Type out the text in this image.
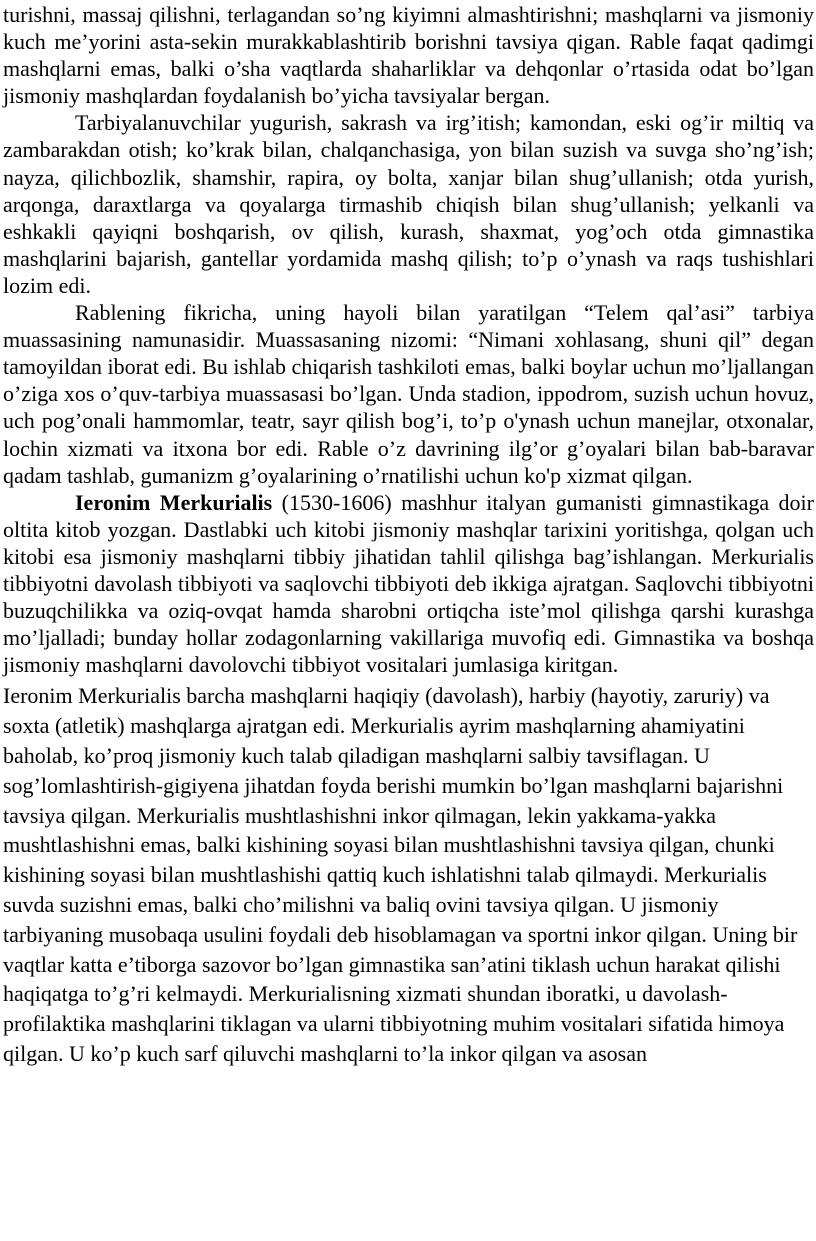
turishni, massaj qilishni, terlagandan so’ng kiyimni almashtirishni; mashqlarni va jismoniy kuch me’yorini asta-sekin murakkablashtirib borishni tavsiya qigan. Rable faqat qadimgi mashqlarni emas, balki o’sha vaqtlarda shaharliklar va dehqonlar o’rtasida odat bo’lgan jismoniy mashqlardan foydalanish bo’yicha tavsiyalar bergan.

Tarbiyalanuvchilar yugurish, sakrash va irg’itish; kamondan, eski og’ir miltiq va zambarakdan otish; ko’krak bilan, chalqanchasiga, yon bilan suzish va suvga sho’ng’ish; nayza, qilichbozlik, shamshir, rapira, oy bolta, xanjar bilan shug’ullanish; otda yurish, arqonga, daraxtlarga va qoyalarga tirmashib chiqish bilan shug’ullanish; yelkanli va eshkakli qayiqni boshqarish, ov qilish, kurash, shaxmat, yog’och otda gimnastika mashqlarini bajarish, gantellar yordamida mashq qilish; to’p o’ynash va raqs tushishlari lozim edi.

Rablening fikricha, uning hayoli bilan yaratilgan “Telem qal’asi” tarbiya muassasining namunasidir. Muassasaning nizomi: “Nimani xohlasang, shuni qil” degan tamoyildan iborat edi. Bu ishlab chiqarish tashkiloti emas, balki boylar uchun mo’ljallangan o’ziga xos o’quv-tarbiya muassasasi bo’lgan. Unda stadion, ippodrom, suzish uchun hovuz, uch pog’onali hammomlar, teatr, sayr qilish bog’i, to’p o'ynash uchun manejlar, otxonalar, lochin xizmati va itxona bor edi. Rable o’z davrining ilg’or g’oyalari bilan bab-baravar qadam tashlab, gumanizm g’oyalarining o’rnatilishi uchun ko'p xizmat qilgan.

Ieronim Merkurialis (1530-1606) mashhur italyan gumanisti gimnastikaga doir oltita kitob yozgan. Dastlabki uch kitobi jismoniy mashqlar tarixini yoritishga, qolgan uch kitobi esa jismoniy mashqlarni tibbiy jihatidan tahlil qilishga bag’ishlangan. Merkurialis tibbiyotni davolash tibbiyoti va saqlovchi tibbiyoti deb ikkiga ajratgan. Saqlovchi tibbiyotni buzuqchilikka va oziq-ovqat hamda sharobni ortiqcha iste’mol qilishga qarshi kurashga mo’ljalladi; bunday hollar zodagonlarning vakillariga muvofiq edi. Gimnastika va boshqa jismoniy mashqlarni davolovchi tibbiyot vositalari jumlasiga kiritgan.

Ieronim Merkurialis barcha mashqlarni haqiqiy (davolash), harbiy (hayotiy, zaruriy) va soxta (atletik) mashqlarga ajratgan edi. Merkurialis ayrim mashqlarning ahamiyatini baholab, ko’proq jismoniy kuch talab qiladigan mashqlarni salbiy tavsiflagan. U sog’lomlashtirish-gigiyena jihatdan foyda berishi mumkin bo’lgan mashqlarni bajarishni tavsiya qilgan. Merkurialis mushtlashishni inkor qilmagan, lekin yakkama-yakka mushtlashishni emas, balki kishining soyasi bilan mushtlashishni tavsiya qilgan, chunki kishining soyasi bilan mushtlashishi qattiq kuch ishlatishni talab qilmaydi. Merkurialis suvda suzishni emas, balki cho’milishni va baliq ovini tavsiya qilgan. U jismoniy tarbiyaning musobaqa usulini foydali deb hisoblamagan va sportni inkor qilgan. Uning bir vaqtlar katta e’tiborga sazovor bo’lgan gimnastika san’atini tiklash uchun harakat qilishi haqiqatga to’g’ri kelmaydi. Merkurialisning xizmati shundan iboratki, u davolash-profilaktika mashqlarini tiklagan va ularni tibbiyotning muhim vositalari sifatida himoya qilgan. U ko’p kuch sarf qiluvchi mashqlarni to’la inkor qilgan va asosan
